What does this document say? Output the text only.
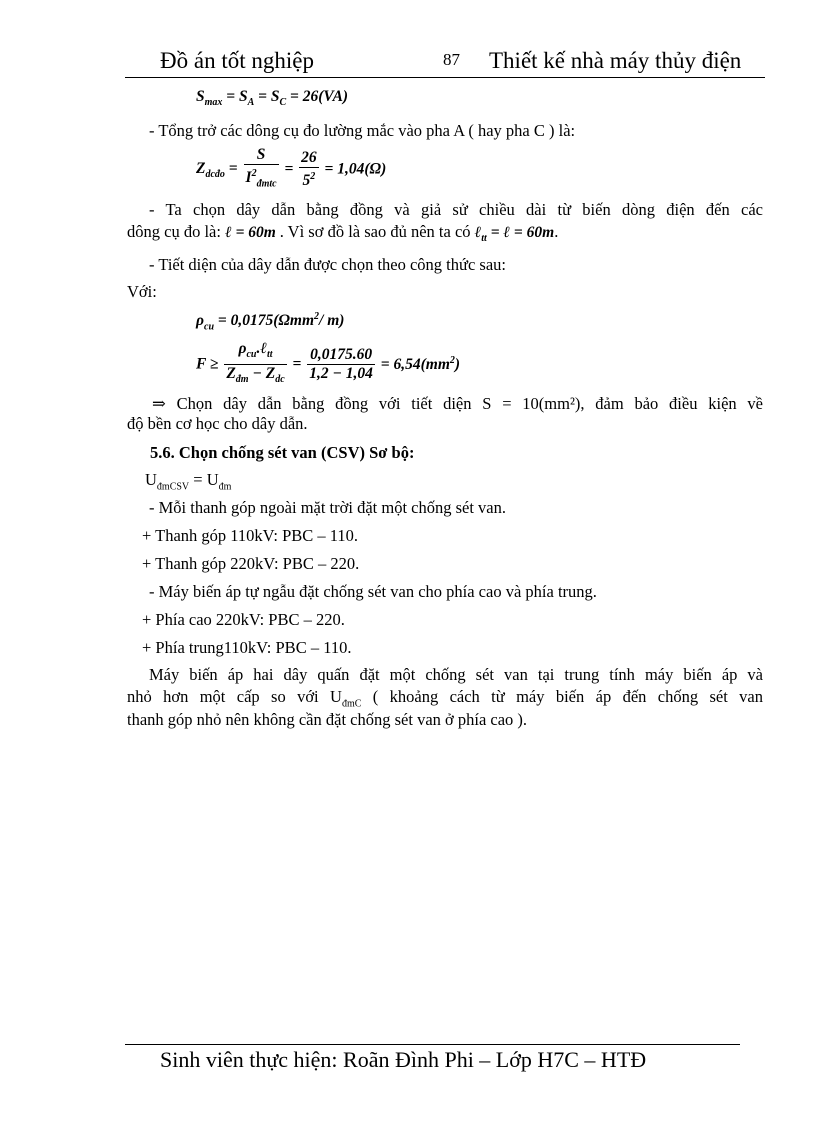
Đồ án tốt nghiệp	87 Thiết kế nhà máy thủy điện
$S_{max} = S_A = S_C = 26(VA)$
- Tổng trở các dông cụ đo lường mắc vào pha A ( hay pha C ) là:
$Z_{dcđo} = \frac{S}{I^2_{đmtc}} = \frac{26}{5^2} = 1,04(\Omega)$
- Ta chọn dây dẫn bằng đồng và giả sử chiều dài từ biến dòng điện đến các
dông cụ đo là: ℓ = 60m . Vì sơ đồ là sao đủ nên ta có ℓ$_{tt}$ = ℓ = 60m.
- Tiết diện của dây dẫn được chọn theo công thức sau:
Với:
$\rho_{cu} = 0,0175(\Omega mm^2/$ m)
$F \ge \frac{\rho_{cu}.\ell_{tt}}{Z_{đm} - Z_{dc}} = \frac{0,0175.60}{1,2 - 1,04} = 6,54(mm^2)$
⇒ Chọn dây dẫn bằng đồng với tiết diện S = 10(mm²), đảm bảo điều kiện về
độ bền cơ học cho dây dẫn.
5.6. Chọn chống sét van (CSV) Sơ bộ:
$U_{đmCSV} = U_{đm}$
- Mỗi thanh góp ngoài mặt trời đặt một chống sét van.
+ Thanh góp 110kV: PBC – 110.
+ Thanh góp 220kV: PBC – 220.
- Máy biến áp tự ngẫu đặt chống sét van cho phía cao và phía trung.
+ Phía cao 220kV: PBC – 220.
+ Phía trung110kV: PBC – 110.
Máy biến áp hai dây quấn đặt một chống sét van tại trung tính máy biến áp và
nhỏ hơn một cấp so với $U_{đmC}$ ( khoảng cách từ máy biến áp đến chống sét van
thanh góp nhỏ nên không cần đặt chống sét van ở phía cao ).
Sinh viên thực hiện: Roãn Đình Phi – Lớp H7C – HTĐ
